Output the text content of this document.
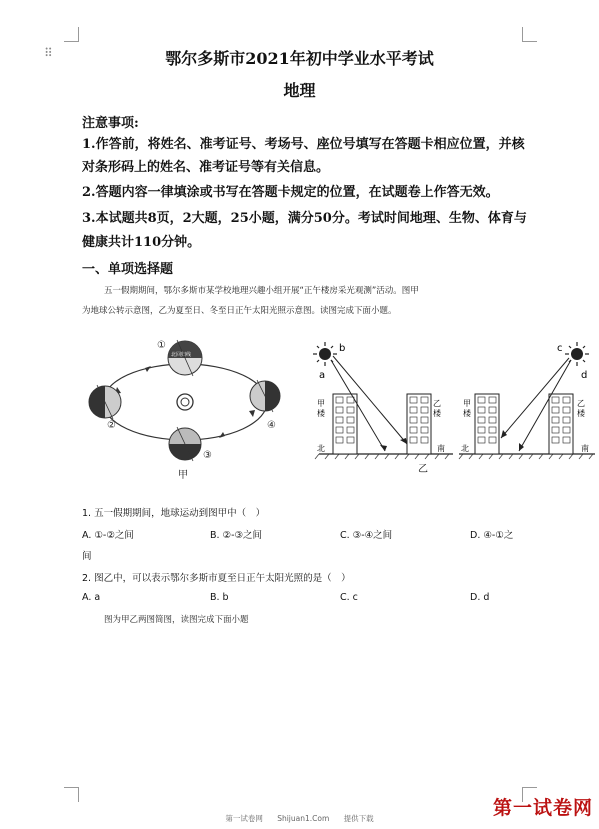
⠿	鄂尔多斯市2021年初中学业水平考试
地理
注意事项:
1.作答前，将姓名、准考证号、考场号、座位号填写在答题卡相应位置，并核
对条形码上的姓名、准考证号等有关信息。
2.答题内容一律填涂或书写在答题卡规定的位置，在试题卷上作答无效。
3.本试题共8页，2大题，25小题，满分50分。考试时间地理、生物、体育与
健康共计110分钟。
一、单项选择题
五一假期期间，鄂尔多斯市某学校地理兴趣小组开展“正午楼房采光观测”活动。图甲
为地球公转示意图，乙为夏至日、冬至日正午太阳光照示意图。读图完成下面小题。
北回归线
①
②
③
④
甲
b
a
甲
楼
乙
楼
北	南
c
d
甲
楼
乙
楼
北	南
乙
1. 五一假期期间，地球运动到图甲中（　）
A. ①-②之间	B. ②-③之间	C. ③-④之间	D. ④-①之
间
2. 图乙中，可以表示鄂尔多斯市夏至日正午太阳光照的是（　）
A. a	B. b	C. c	D. d
图为甲乙两图简图，读图完成下面小题
第一试卷网 Shijuan1.Com 提供下载	第一试卷网
